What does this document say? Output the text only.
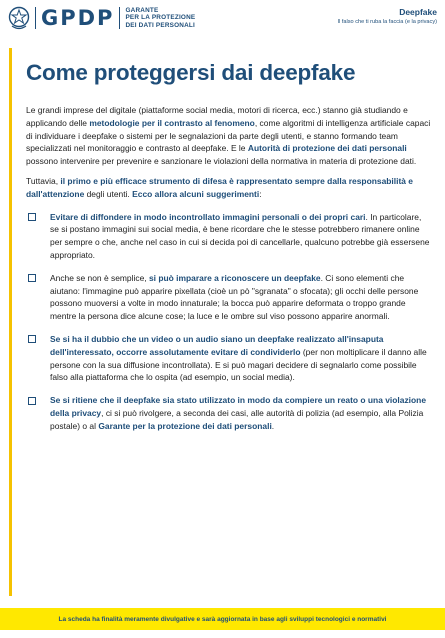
GPDP GARANTE
PER LA PROTEZIONE
DEI DATI PERSONALI
Deepfake
Il falso che ti ruba la faccia (e la privacy)
Come proteggersi dai deepfake

Le grandi imprese del digitale (piattaforme social media, motori di ricerca, ecc.) stanno già studiando e applicando delle metodologie per il contrasto al fenomeno, come algoritmi di intelligenza artificiale capaci di individuare i deepfake o sistemi per le segnalazioni da parte degli utenti, e stanno formando team specializzati nel monitoraggio e contrasto al deepfake. E le Autorità di protezione dei dati personali possono intervenire per prevenire e sanzionare le violazioni della normativa in materia di protezione dati.

Tuttavia, il primo e più efficace strumento di difesa è rappresentato sempre dalla responsabilità e dall'attenzione degli utenti. Ecco allora alcuni suggerimenti:

Evitare di diffondere in modo incontrollato immagini personali o dei propri cari. In particolare, se si postano immagini sui social media, è bene ricordare che le stesse potrebbero rimanere online per sempre o che, anche nel caso in cui si decida poi di cancellarle, qualcuno potrebbe già essersene appropriato.
Anche se non è semplice, si può imparare a riconoscere un deepfake. Ci sono elementi che aiutano: l'immagine può apparire pixellata (cioè un pò "sgranata" o sfocata); gli occhi delle persone possono muoversi a volte in modo innaturale; la bocca può apparire deformata o troppo grande mentre la persona dice alcune cose; la luce e le ombre sul viso possono apparire anormali.
Se si ha il dubbio che un video o un audio siano un deepfake realizzato all'insaputa dell'interessato, occorre assolutamente evitare di condividerlo (per non moltiplicare il danno alle persone con la sua diffusione incontrollata). E si può magari decidere di segnalarlo come possibile falso alla piattaforma che lo ospita (ad esempio, un social media).
Se si ritiene che il deepfake sia stato utilizzato in modo da compiere un reato o una violazione della privacy, ci si può rivolgere, a seconda dei casi, alle autorità di polizia (ad esempio, alla Polizia postale) o al Garante per la protezione dei dati personali.
La scheda ha finalità meramente divulgative e sarà aggiornata in base agli sviluppi tecnologici e normativi
